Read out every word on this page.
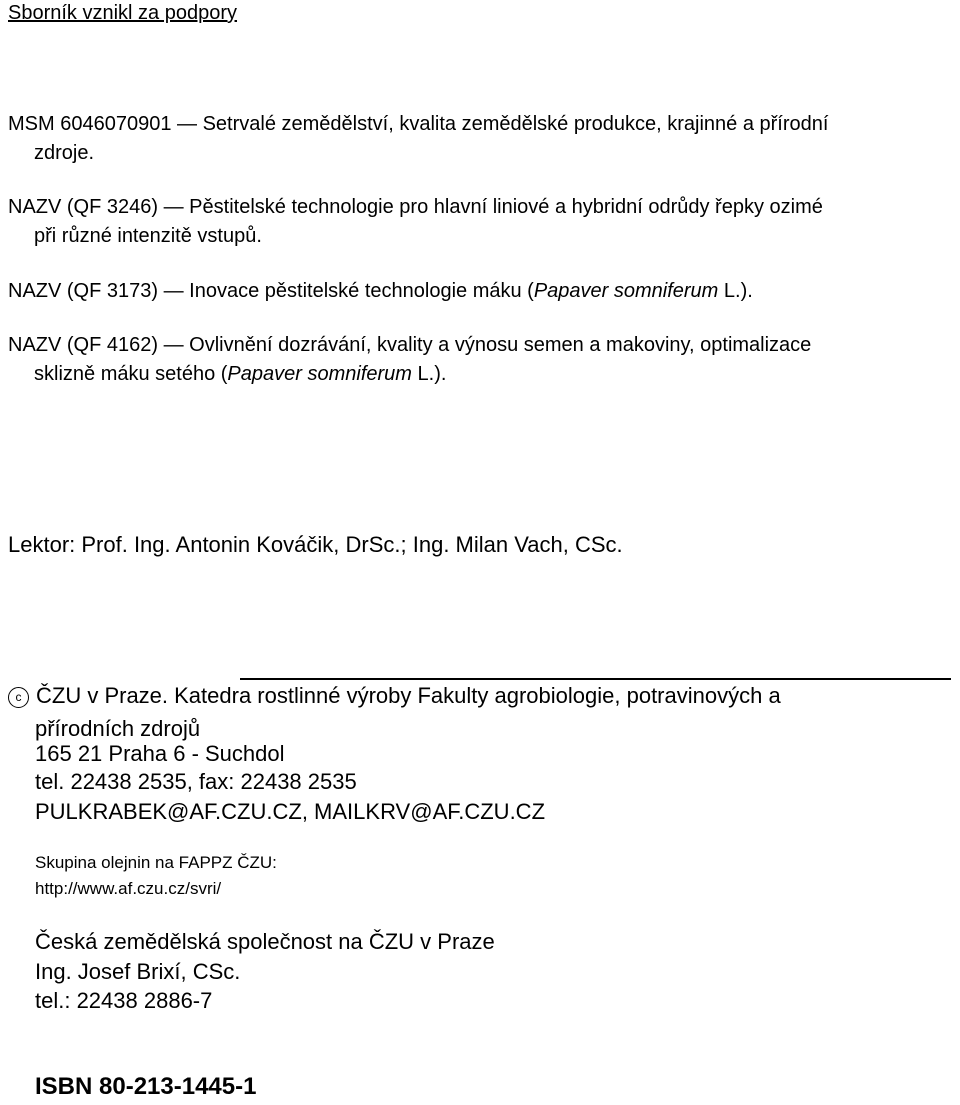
Sborník vznikl za podpory
MSM 6046070901 — Setrvalé zemědělství, kvalita zemědělské produkce, krajinné a přírodní
zdroje.
NAZV (QF 3246) — Pěstitelské technologie pro hlavní liniové a hybridní odrůdy řepky ozimé
při různé intenzitě vstupů.
NAZV (QF 3173) — Inovace pěstitelské technologie máku (Papaver somniferum L.).
NAZV (QF 4162) — Ovlivnění dozrávání, kvality a výnosu semen a makoviny, optimalizace
sklizně máku setého (Papaver somniferum L.).
Lektor: Prof. Ing. Antonin Kováčik, DrSc.; Ing. Milan Vach, CSc.
c ČZU v Praze. Katedra rostlinné výroby Fakulty agrobiologie, potravinových a
přírodních zdrojů
165 21 Praha 6 - Suchdol
tel. 22438 2535, fax: 22438 2535
PULKRABEK@AF.CZU.CZ, MAILKRV@AF.CZU.CZ
Skupina olejnin na FAPPZ ČZU:
http://www.af.czu.cz/svri/
Česká zemědělská společnost na ČZU v Praze
Ing. Josef Brixí, CSc.
tel.: 22438 2886-7
ISBN 80-213-1445-1
